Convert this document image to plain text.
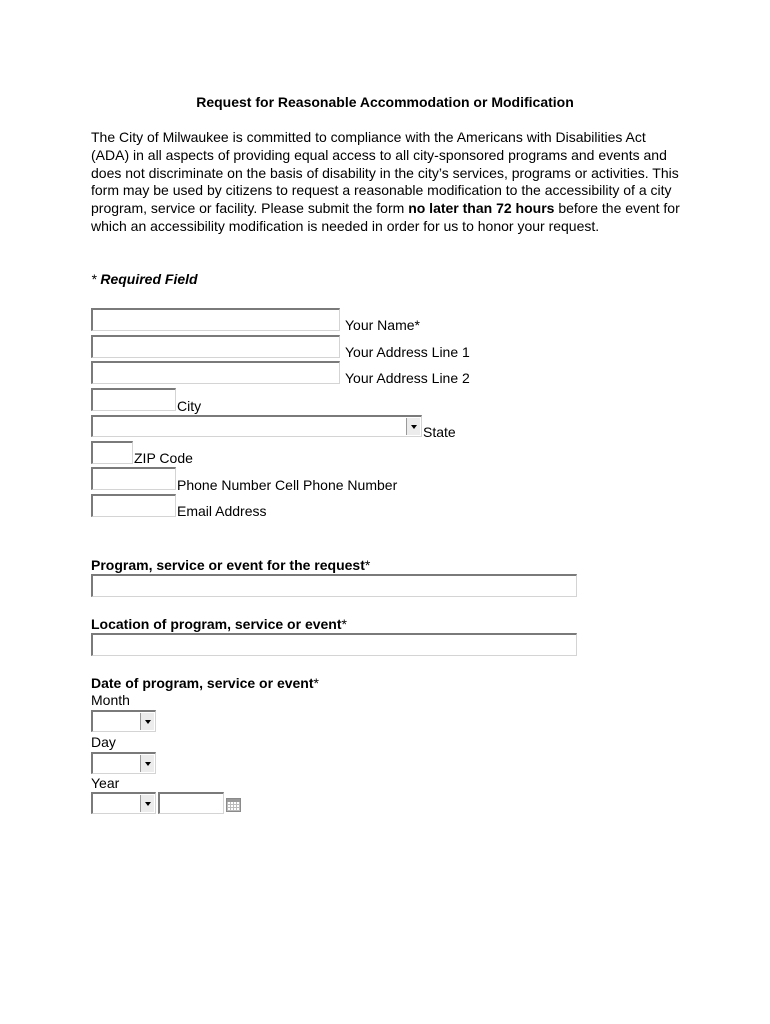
Request for Reasonable Accommodation or Modification
The City of Milwaukee is committed to compliance with the Americans with Disabilities Act (ADA) in all aspects of providing equal access to all city-sponsored programs and events and does not discriminate on the basis of disability in the city’s services, programs or activities. This form may be used by citizens to request a reasonable modification to the accessibility of a city program, service or facility. Please submit the form no later than 72 hours before the event for which an accessibility modification is needed in order for us to honor your request.
* Required Field
Your Name*
Your Address Line 1
Your Address Line 2
City
State
ZIP Code
Phone Number Cell Phone Number
Email Address
Program, service or event for the request*
Location of program, service or event*
Date of program, service or event*
Month
Day
Year
